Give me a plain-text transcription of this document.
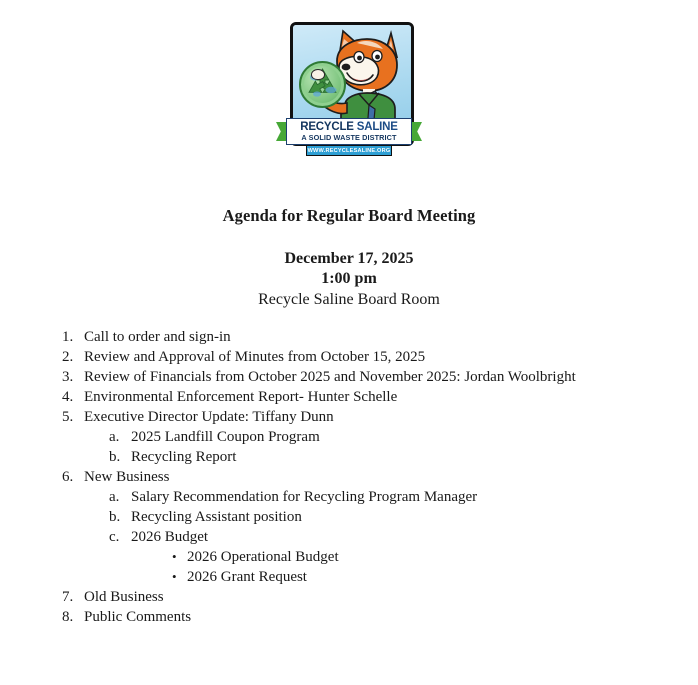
RECYCLE SALINE
A SOLID WASTE DISTRICT
WWW.RECYCLESALINE.ORG
Agenda for Regular Board Meeting
December 17, 2025
1:00 pm
Recycle Saline Board Room
1. Call to order and sign-in
2. Review and Approval of Minutes from October 15, 2025
3. Review of Financials from October 2025 and November 2025: Jordan Woolbright
4. Environmental Enforcement Report- Hunter Schelle
5. Executive Director Update: Tiffany Dunn
a. 2025 Landfill Coupon Program
b. Recycling Report
6. New Business
a. Salary Recommendation for Recycling Program Manager
b. Recycling Assistant position
c. 2026 Budget
• 2026 Operational Budget
• 2026 Grant Request
7. Old Business
8. Public Comments
